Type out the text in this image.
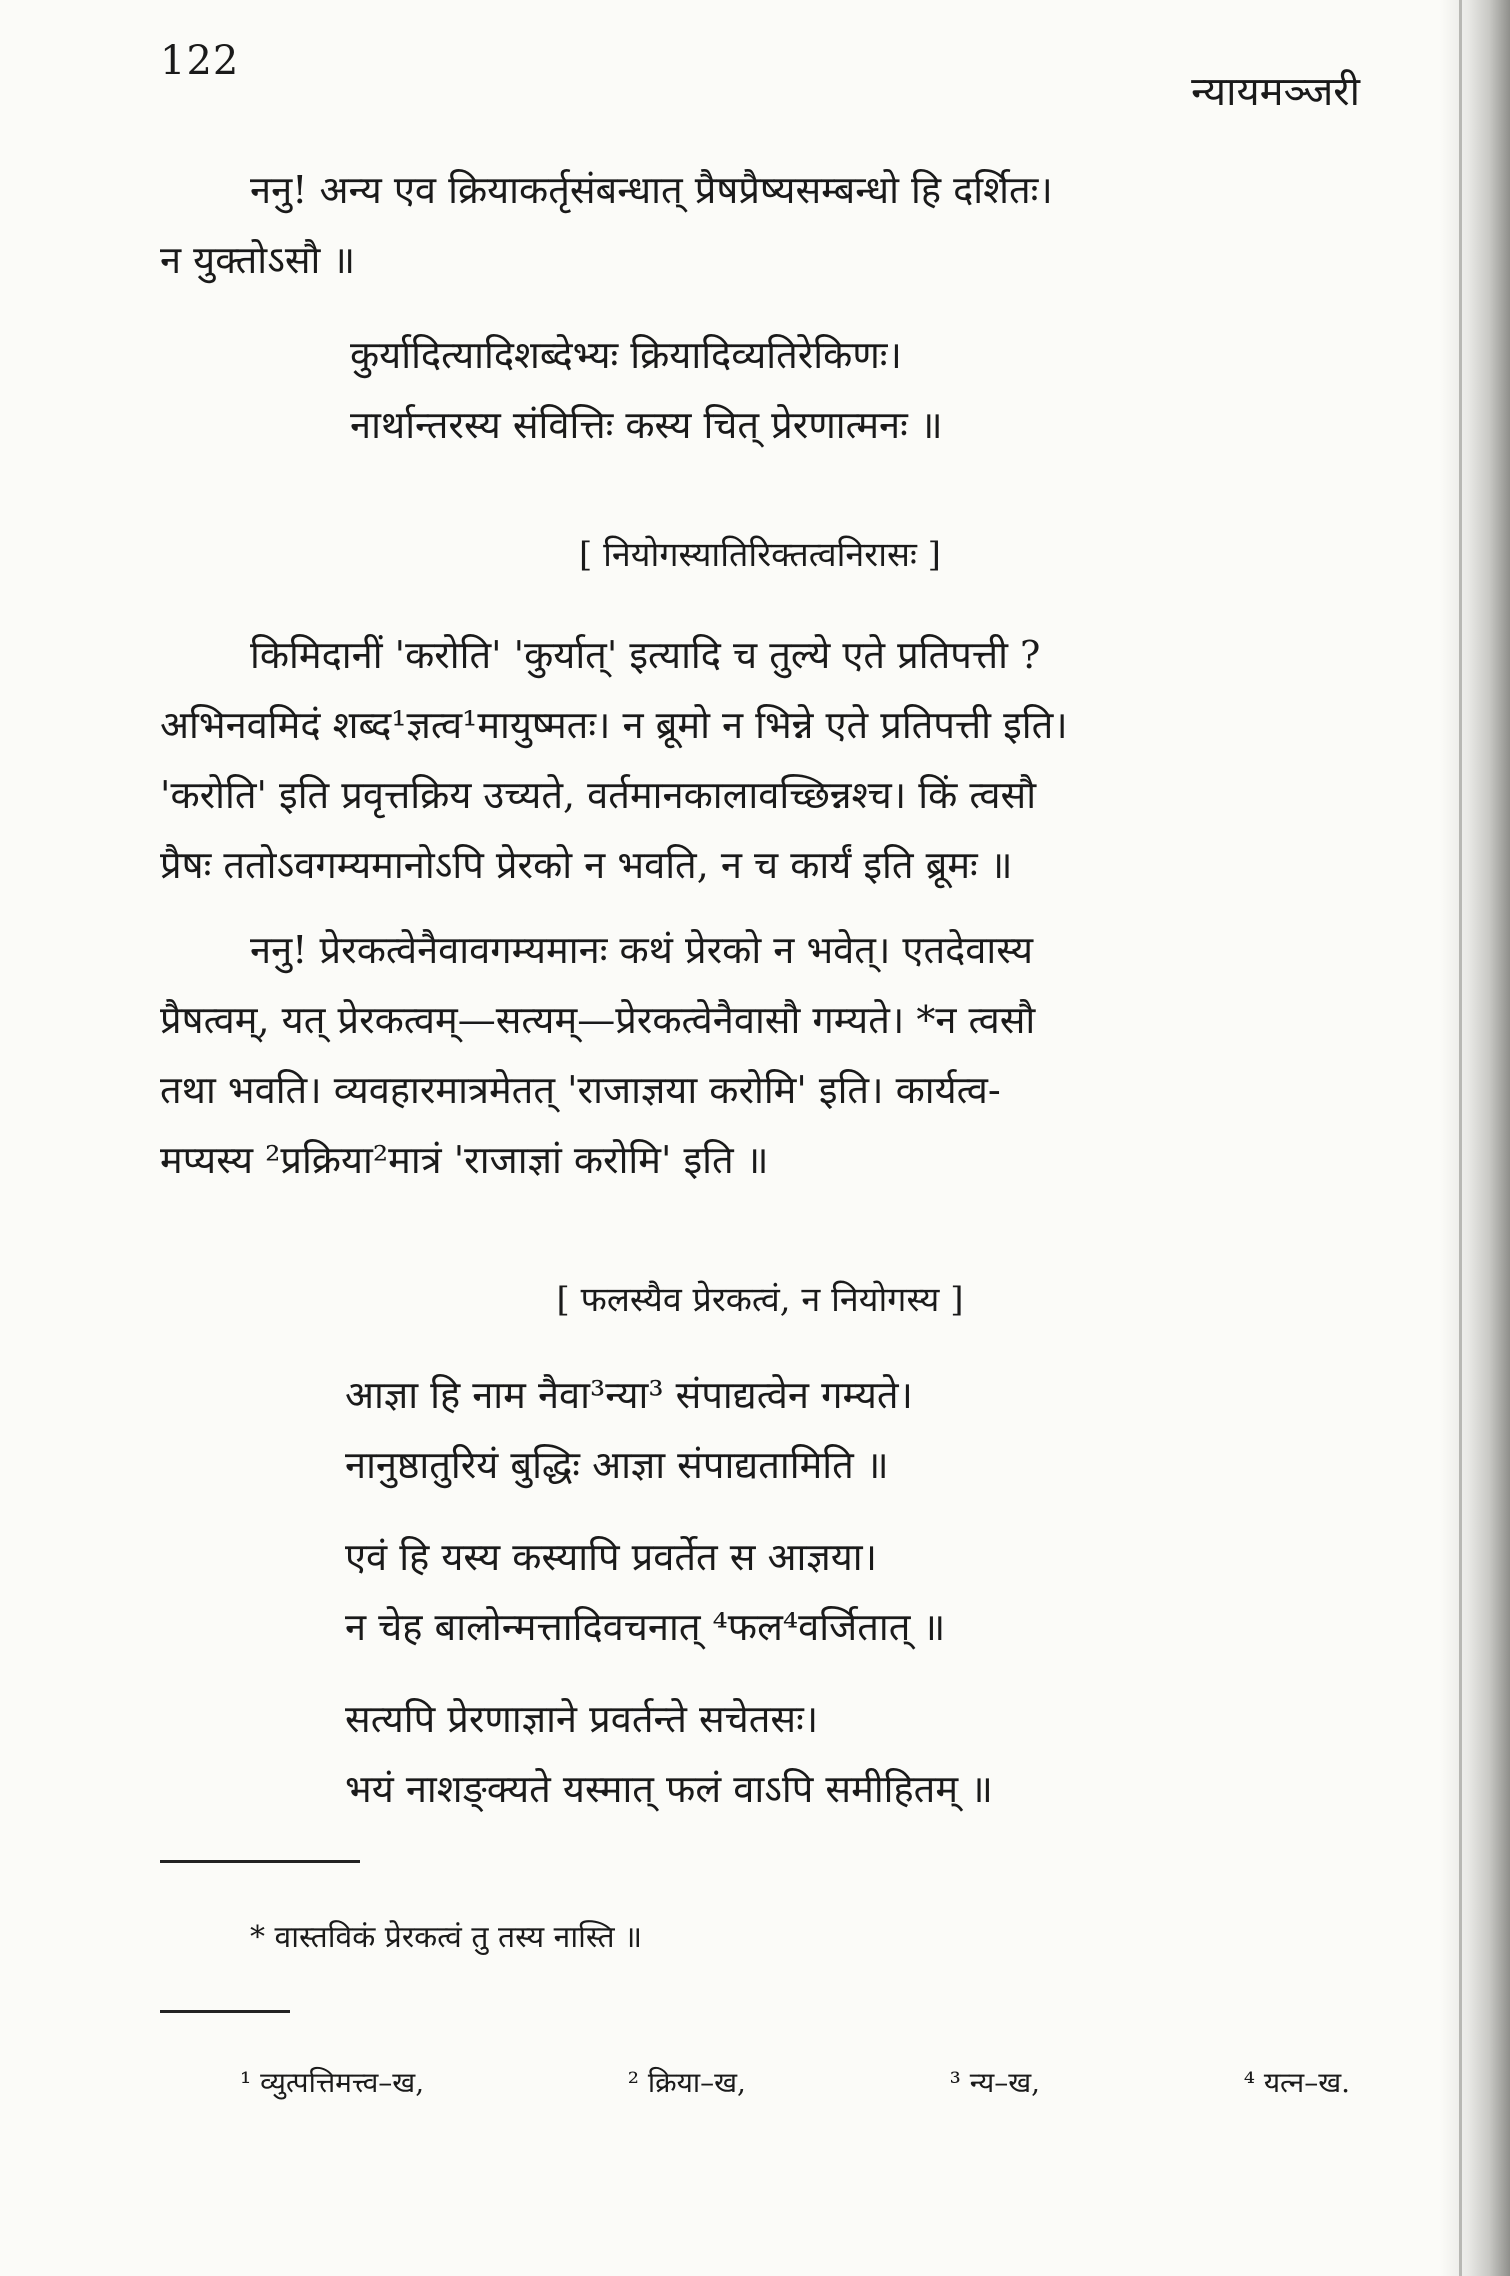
122
न्यायमञ्जरी

ननु! अन्य एव क्रियाकर्तृसंबन्धात् प्रैषप्रैष्यसम्बन्धो हि दर्शितः।
न युक्तोऽसौ ॥

कुर्यादित्यादिशब्देभ्यः क्रियादिव्यतिरेकिणः।
नार्थान्तरस्य संवित्तिः कस्य चित् प्रेरणात्मनः ॥
[ नियोगस्यातिरिक्तत्वनिरासः ]

किमिदानीं 'करोति' 'कुर्यात्' इत्यादि च तुल्ये एते प्रतिपत्ती ?
अभिनवमिदं शब्द¹ज्ञत्व¹मायुष्मतः। न ब्रूमो न भिन्ने एते प्रतिपत्ती इति।
'करोति' इति प्रवृत्तक्रिय उच्यते, वर्तमानकालावच्छिन्नश्च। किं त्वसौ
प्रैषः ततोऽवगम्यमानोऽपि प्रेरको न भवति, न च कार्यं इति ब्रूमः ॥

ननु! प्रेरकत्वेनैवावगम्यमानः कथं प्रेरको न भवेत्। एतदेवास्य
प्रैषत्वम्, यत् प्रेरकत्वम्—सत्यम्—प्रेरकत्वेनैवासौ गम्यते। *न त्वसौ
तथा भवति। व्यवहारमात्रमेतत् 'राजाज्ञया करोमि' इति। कार्यत्व-
मप्यस्य ²प्रक्रिया²मात्रं 'राजाज्ञां करोमि' इति ॥

[ फलस्यैव प्रेरकत्वं, न नियोगस्य ]
आज्ञा हि नाम नैवा³न्या³ संपाद्यत्वेन गम्यते।
नानुष्ठातुरियं बुद्धिः आज्ञा संपाद्यतामिति ॥
एवं हि यस्य कस्यापि प्रवर्तेत स आज्ञया।
न चेह बालोन्मत्तादिवचनात् ⁴फल⁴वर्जितात् ॥
सत्यपि प्रेरणाज्ञाने प्रवर्तन्ते सचेतसः।
भयं नाशङ्क्यते यस्मात् फलं वाऽपि समीहितम् ॥
* वास्तविकं प्रेरकत्वं तु तस्य नास्ति ॥
¹ व्युत्पत्तिमत्त्व–ख,	² क्रिया–ख,	³ न्य–ख,	⁴ यत्न–ख.
